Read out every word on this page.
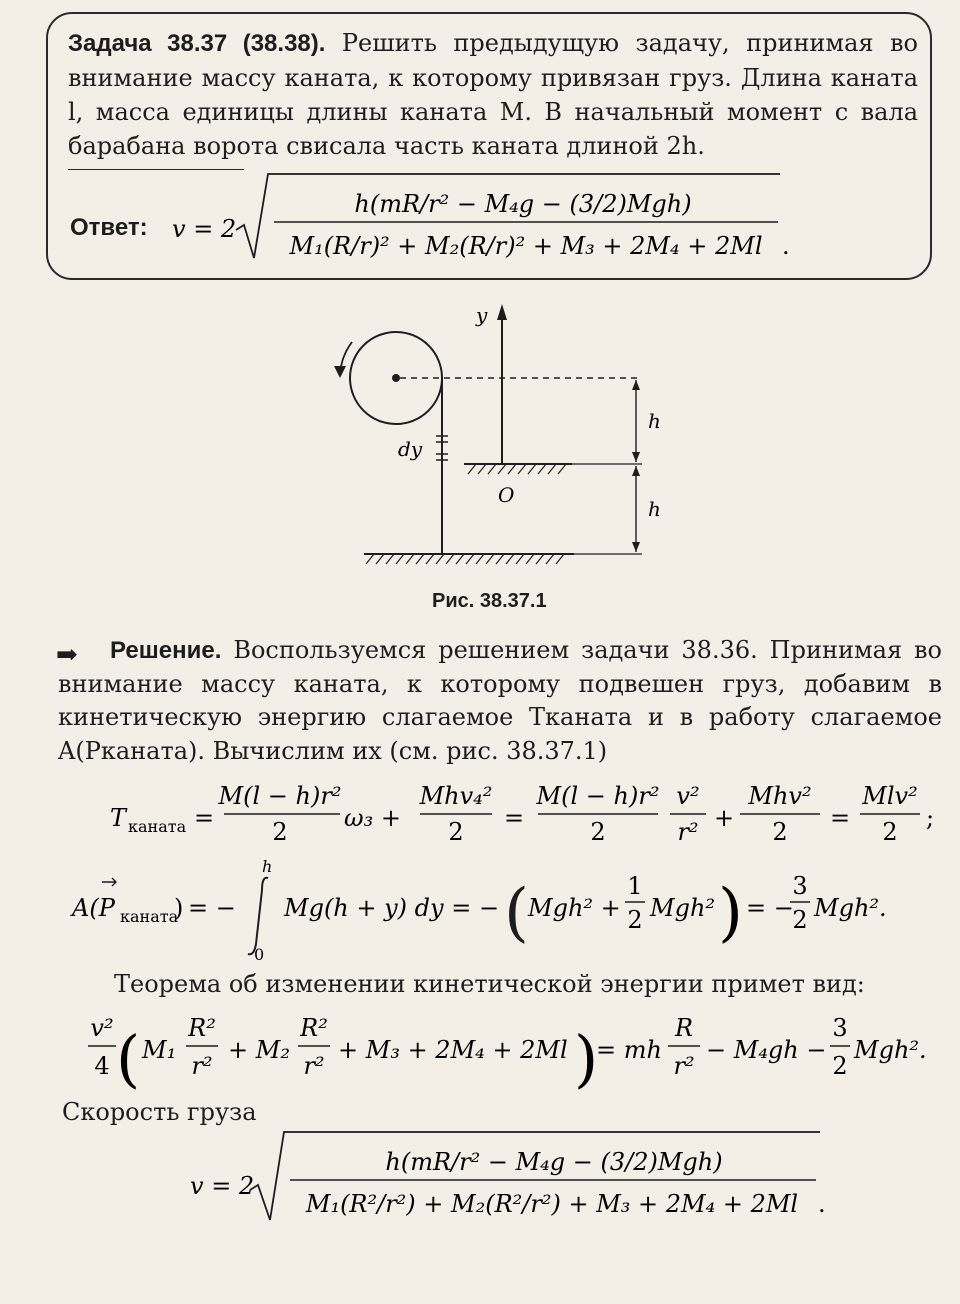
Задача 38.37 (38.38). Решить предыдущую задачу, принимая во внимание массу каната, к которому привязан груз. Длина каната l, масса единицы длины каната M. В начальный момент с вала барабана ворота свисала часть каната длиной 2h.
Ответ: v = 2
h(mR/r² − M₄g − (3/2)Mgh)
M₁(R/r)² + M₂(R/r)² + M₃ + 2M₄ + 2Ml .
dy
y
O
h
h
Рис. 38.37.1
➡	Решение. Воспользуемся решением задачи 38.36. Принимая во внимание массу каната, к которому подвешен груз, добавим в кинетическую энергию слагаемое Tканата и в работу слагаемое A(Pканата). Вычислим их (см. рис. 38.37.1)
T каната =
M(l − h)r²
2 ω₃ +
Mhv₄²
2 =
M(l − h)r²
2
v²
r² +
Mhv²
2 =
Mlv²
2 ;
A(P каната
) = −
h
0
Mg(h + y) dy = − ( Mgh² +
1
2 Mgh² ) = −
3
2 Mgh².
Теорема об изменении кинетической энергии примет вид:
v²
4 ( M₁
R²
r²
+ M₂
R²
r²
+ M₃ + 2M₄ + 2Ml )
= mh
R
r²
− M₄gh −
3
2
Mgh².
Скорость груза
v = 2
h(mR/r² − M₄g − (3/2)Mgh)
M₁(R²/r²) + M₂(R²/r²) + M₃ + 2M₄ + 2Ml .
